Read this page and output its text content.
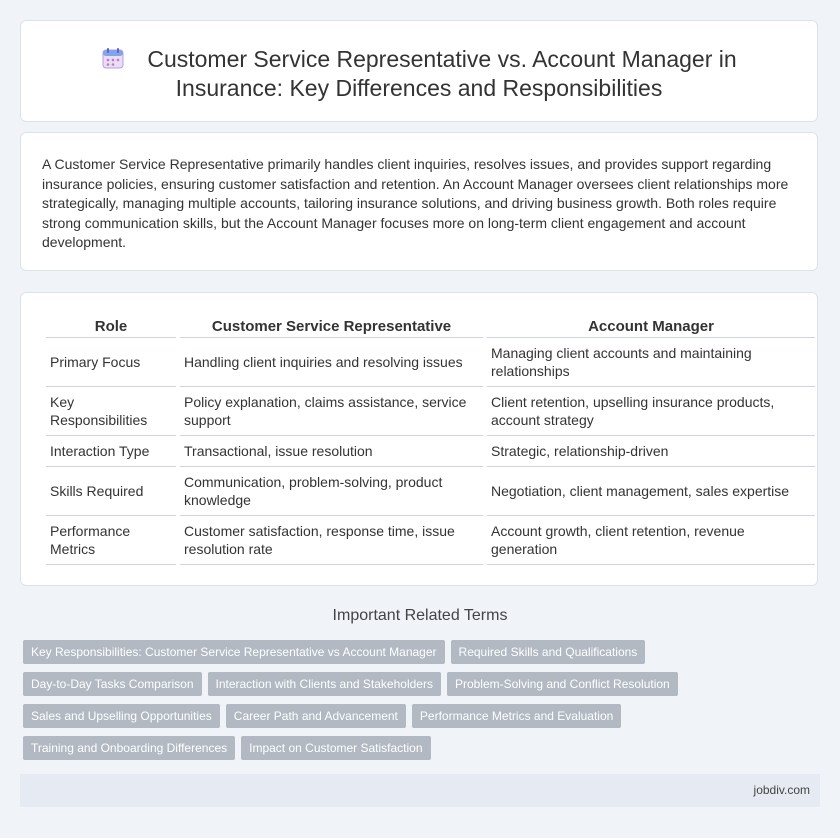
Customer Service Representative vs. Account Manager in
Insurance: Key Differences and Responsibilities

A Customer Service Representative primarily handles client inquiries, resolves issues, and provides support regarding insurance policies, ensuring customer satisfaction and retention. An Account Manager oversees client relationships more strategically, managing multiple accounts, tailoring insurance solutions, and driving business growth. Both roles require strong communication skills, but the Account Manager focuses more on long-term client engagement and account development.

Role	Customer Service Representative	Account Manager
Primary Focus	Handling client inquiries and resolving issues	Managing client accounts and maintaining relationships
Key Responsibilities	Policy explanation, claims assistance, service support	Client retention, upselling insurance products, account strategy
Interaction Type	Transactional, issue resolution	Strategic, relationship-driven
Skills Required	Communication, problem-solving, product knowledge	Negotiation, client management, sales expertise
Performance Metrics	Customer satisfaction, response time, issue resolution rate	Account growth, client retention, revenue generation
Important Related Terms
Key Responsibilities: Customer Service Representative vs Account Manager Required Skills and Qualifications
Day-to-Day Tasks Comparison Interaction with Clients and Stakeholders Problem-Solving and Conflict Resolution
Sales and Upselling Opportunities Career Path and Advancement Performance Metrics and Evaluation
Training and Onboarding Differences Impact on Customer Satisfaction
jobdiv.com
